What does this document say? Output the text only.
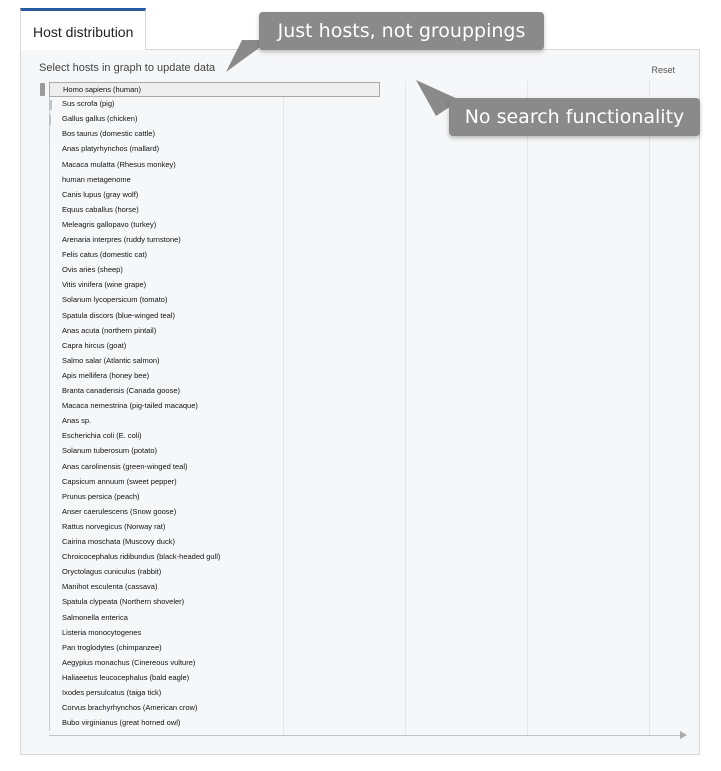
Host distribution
Select hosts in graph to update data	Reset
Homo sapiens (human)
Sus scrofa (pig)
Gallus gallus (chicken)
Bos taurus (domestic cattle)
Anas platyrhynchos (mallard)
Macaca mulatta (Rhesus monkey)
human metagenome
Canis lupus (gray wolf)
Equus caballus (horse)
Meleagris gallopavo (turkey)
Arenaria interpres (ruddy turnstone)
Felis catus (domestic cat)
Ovis aries (sheep)
Vitis vinifera (wine grape)
Solanum lycopersicum (tomato)
Spatula discors (blue-winged teal)
Anas acuta (northern pintail)
Capra hircus (goat)
Salmo salar (Atlantic salmon)
Apis mellifera (honey bee)
Branta canadensis (Canada goose)
Macaca nemestrina (pig-tailed macaque)
Anas sp.
Escherichia coli (E. coli)
Solanum tuberosum (potato)
Anas carolinensis (green-winged teal)
Capsicum annuum (sweet pepper)
Prunus persica (peach)
Anser caerulescens (Snow goose)
Rattus norvegicus (Norway rat)
Cairina moschata (Muscovy duck)
Chroicocephalus ridibundus (black-headed gull)
Oryctolagus cuniculus (rabbit)
Manihot esculenta (cassava)
Spatula clypeata (Northern shoveler)
Salmonella enterica
Listeria monocytogenes
Pan troglodytes (chimpanzee)
Aegypius monachus (Cinereous vulture)
Haliaeetus leucocephalus (bald eagle)
Ixodes persulcatus (taiga tick)
Corvus brachyrhynchos (American crow)
Bubo virginianus (great horned owl)
Just hosts, not grouppings
No search functionality
